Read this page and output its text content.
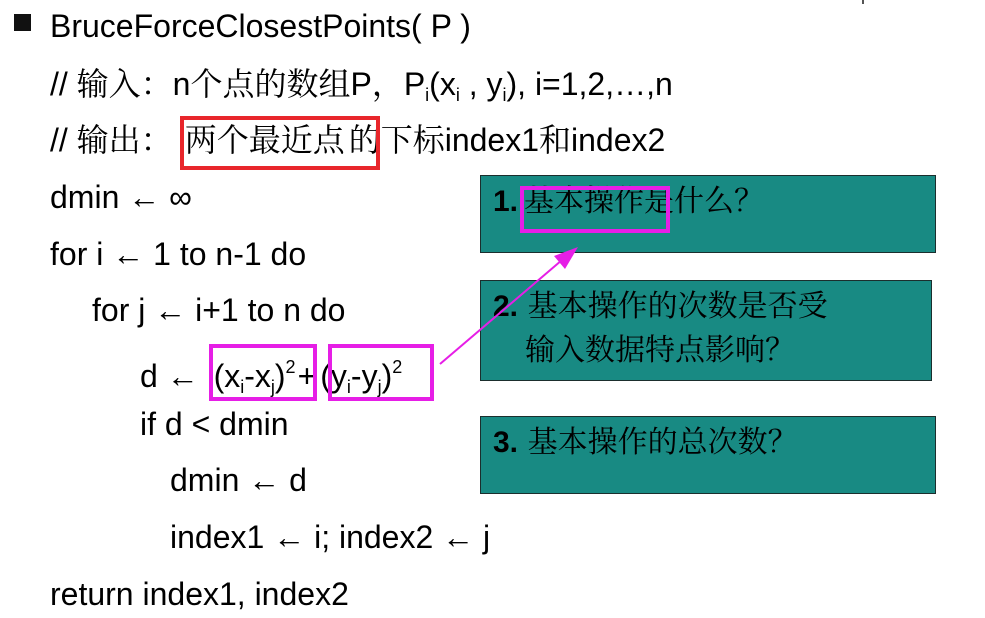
BruceForceClosestPoints( P )
// 输入：n个点的数组P，$P_i(x_i$ , $y_i$), i=1,2,…,n
// 输出： 两个最近点 的下标index1和index2
dmin ← ∞
for i ← 1 to n-1 do
for j ← i+1 to n do
d ← $(x_i-x_j)^2+ (y_i-y_j)^2$
if d < dmin
dmin ← d
index1 ← i; index2 ← j
return index1, index2
1. 基本操作是什么？
2. 基本操作的次数是否受
输入数据特点影响？
3. 基本操作的总次数？
